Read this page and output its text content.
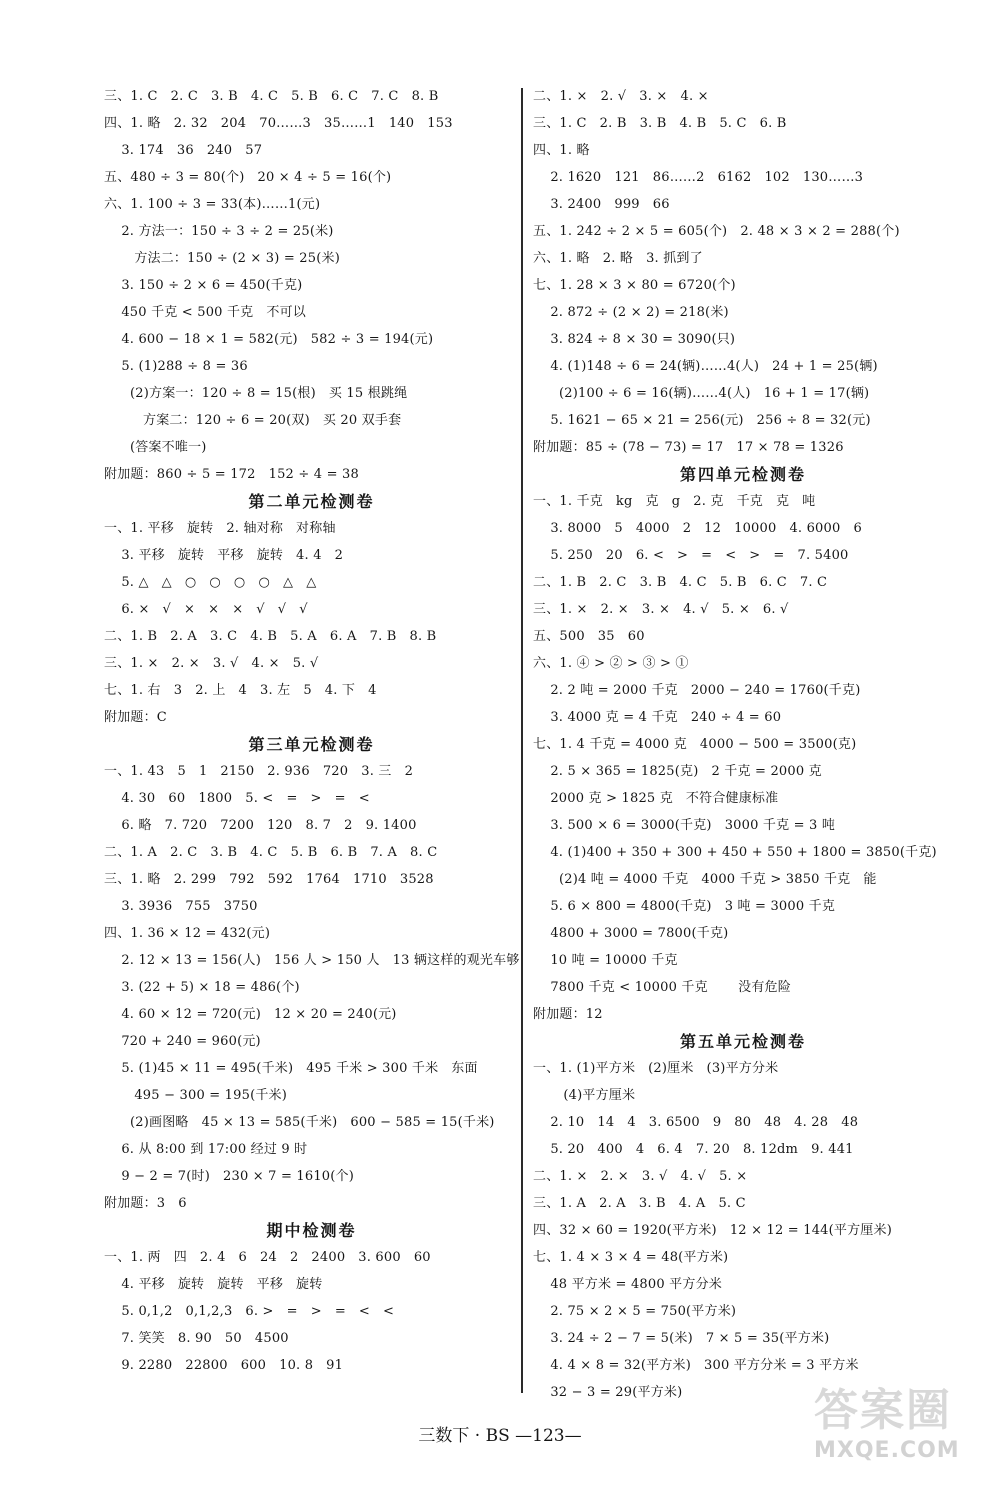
三、1. C   2. C   3. B   4. C   5. B   6. C   7. C   8. B
四、1. 略   2. 32   204   70……3   35……1   140   153
3. 174   36   240   57
五、480 ÷ 3 = 80(个)   20 × 4 ÷ 5 = 16(个)
六、1. 100 ÷ 3 = 33(本)……1(元)
2. 方法一：150 ÷ 3 ÷ 2 = 25(米)
方法二：150 ÷ (2 × 3) = 25(米)
3. 150 ÷ 2 × 6 = 450(千克)
450 千克 < 500 千克   不可以
4. 600 − 18 × 1 = 582(元)   582 ÷ 3 = 194(元)
5. (1)288 ÷ 8 = 36
(2)方案一：120 ÷ 8 = 15(根)   买 15 根跳绳
方案二：120 ÷ 6 = 20(双)   买 20 双手套
(答案不唯一)
附加题：860 ÷ 5 = 172   152 ÷ 4 = 38
第二单元检测卷
一、1. 平移   旋转   2. 轴对称   对称轴
3. 平移   旋转   平移   旋转   4. 4   2
5. △   △   ○   ○   ○   ○   △   △
6. ×   √   ×   ×   ×   √   √   √
二、1. B   2. A   3. C   4. B   5. A   6. A   7. B   8. B
三、1. ×   2. ×   3. √   4. ×   5. √
七、1. 右   3   2. 上   4   3. 左   5   4. 下   4
附加题：C
第三单元检测卷
一、1. 43   5   1   2150   2. 936   720   3. 三   2
4. 30   60   1800   5. <   =   >   =   <
6. 略   7. 720   7200   120   8. 7   2   9. 1400
二、1. A   2. C   3. B   4. C   5. B   6. B   7. A   8. C
三、1. 略   2. 299   792   592   1764   1710   3528
3. 3936   755   3750
四、1. 36 × 12 = 432(元)
2. 12 × 13 = 156(人)   156 人 > 150 人   13 辆这样的观光车够
3. (22 + 5) × 18 = 486(个)
4. 60 × 12 = 720(元)   12 × 20 = 240(元)
720 + 240 = 960(元)
5. (1)45 × 11 = 495(千米)   495 千米 > 300 千米   东面
495 − 300 = 195(千米)
(2)画图略   45 × 13 = 585(千米)   600 − 585 = 15(千米)
6. 从 8:00 到 17:00 经过 9 时
9 − 2 = 7(时)   230 × 7 = 1610(个)
附加题：3   6
期中检测卷
一、1. 两   四   2. 4   6   24   2   2400   3. 600   60
4. 平移   旋转   旋转   平移   旋转
5. 0,1,2   0,1,2,3   6. >   =   >   =   <   <
7. 笑笑   8. 90   50   4500
9. 2280   22800   600   10. 8   91
二、1. ×   2. √   3. ×   4. ×
三、1. C   2. B   3. B   4. B   5. C   6. B
四、1. 略
2. 1620   121   86……2   6162   102   130……3
3. 2400   999   66
五、1. 242 ÷ 2 × 5 = 605(个)   2. 48 × 3 × 2 = 288(个)
六、1. 略   2. 略   3. 抓到了
七、1. 28 × 3 × 80 = 6720(个)
2. 872 ÷ (2 × 2) = 218(米)
3. 824 ÷ 8 × 30 = 3090(只)
4. (1)148 ÷ 6 = 24(辆)……4(人)   24 + 1 = 25(辆)
(2)100 ÷ 6 = 16(辆)……4(人)   16 + 1 = 17(辆)
5. 1621 − 65 × 21 = 256(元)   256 ÷ 8 = 32(元)
附加题：85 ÷ (78 − 73) = 17   17 × 78 = 1326
第四单元检测卷
一、1. 千克   kg   克   g   2. 克   千克   克   吨
3. 8000   5   4000   2   12   10000   4. 6000   6
5. 250   20   6. <   >   =   <   >   =   7. 5400
二、1. B   2. C   3. B   4. C   5. B   6. C   7. C
三、1. ×   2. ×   3. ×   4. √   5. ×   6. √
五、500   35   60
六、1. ④ > ② > ③ > ①
2. 2 吨 = 2000 千克   2000 − 240 = 1760(千克)
3. 4000 克 = 4 千克   240 ÷ 4 = 60
七、1. 4 千克 = 4000 克   4000 − 500 = 3500(克)
2. 5 × 365 = 1825(克)   2 千克 = 2000 克
2000 克 > 1825 克   不符合健康标准
3. 500 × 6 = 3000(千克)   3000 千克 = 3 吨
4. (1)400 + 350 + 300 + 450 + 550 + 1800 = 3850(千克)
(2)4 吨 = 4000 千克   4000 千克 > 3850 千克   能
5. 6 × 800 = 4800(千克)   3 吨 = 3000 千克
4800 + 3000 = 7800(千克)
10 吨 = 10000 千克
7800 千克 < 10000 千克       没有危险
附加题：12
第五单元检测卷
一、1. (1)平方米   (2)厘米   (3)平方分米
(4)平方厘米
2. 10   14   4   3. 6500   9   80   48   4. 28   48
5. 20   400   4   6. 4   7. 20   8. 12dm   9. 441
二、1. ×   2. ×   3. √   4. √   5. ×
三、1. A   2. A   3. B   4. A   5. C
四、32 × 60 = 1920(平方米)   12 × 12 = 144(平方厘米)
七、1. 4 × 3 × 4 = 48(平方米)
48 平方米 = 4800 平方分米
2. 75 × 2 × 5 = 750(平方米)
3. 24 ÷ 2 − 7 = 5(米)   7 × 5 = 35(平方米)
4. 4 × 8 = 32(平方米)   300 平方分米 = 3 平方米
32 − 3 = 29(平方米)
三数下 · BS —123—	答案圈
MXQE.COM
